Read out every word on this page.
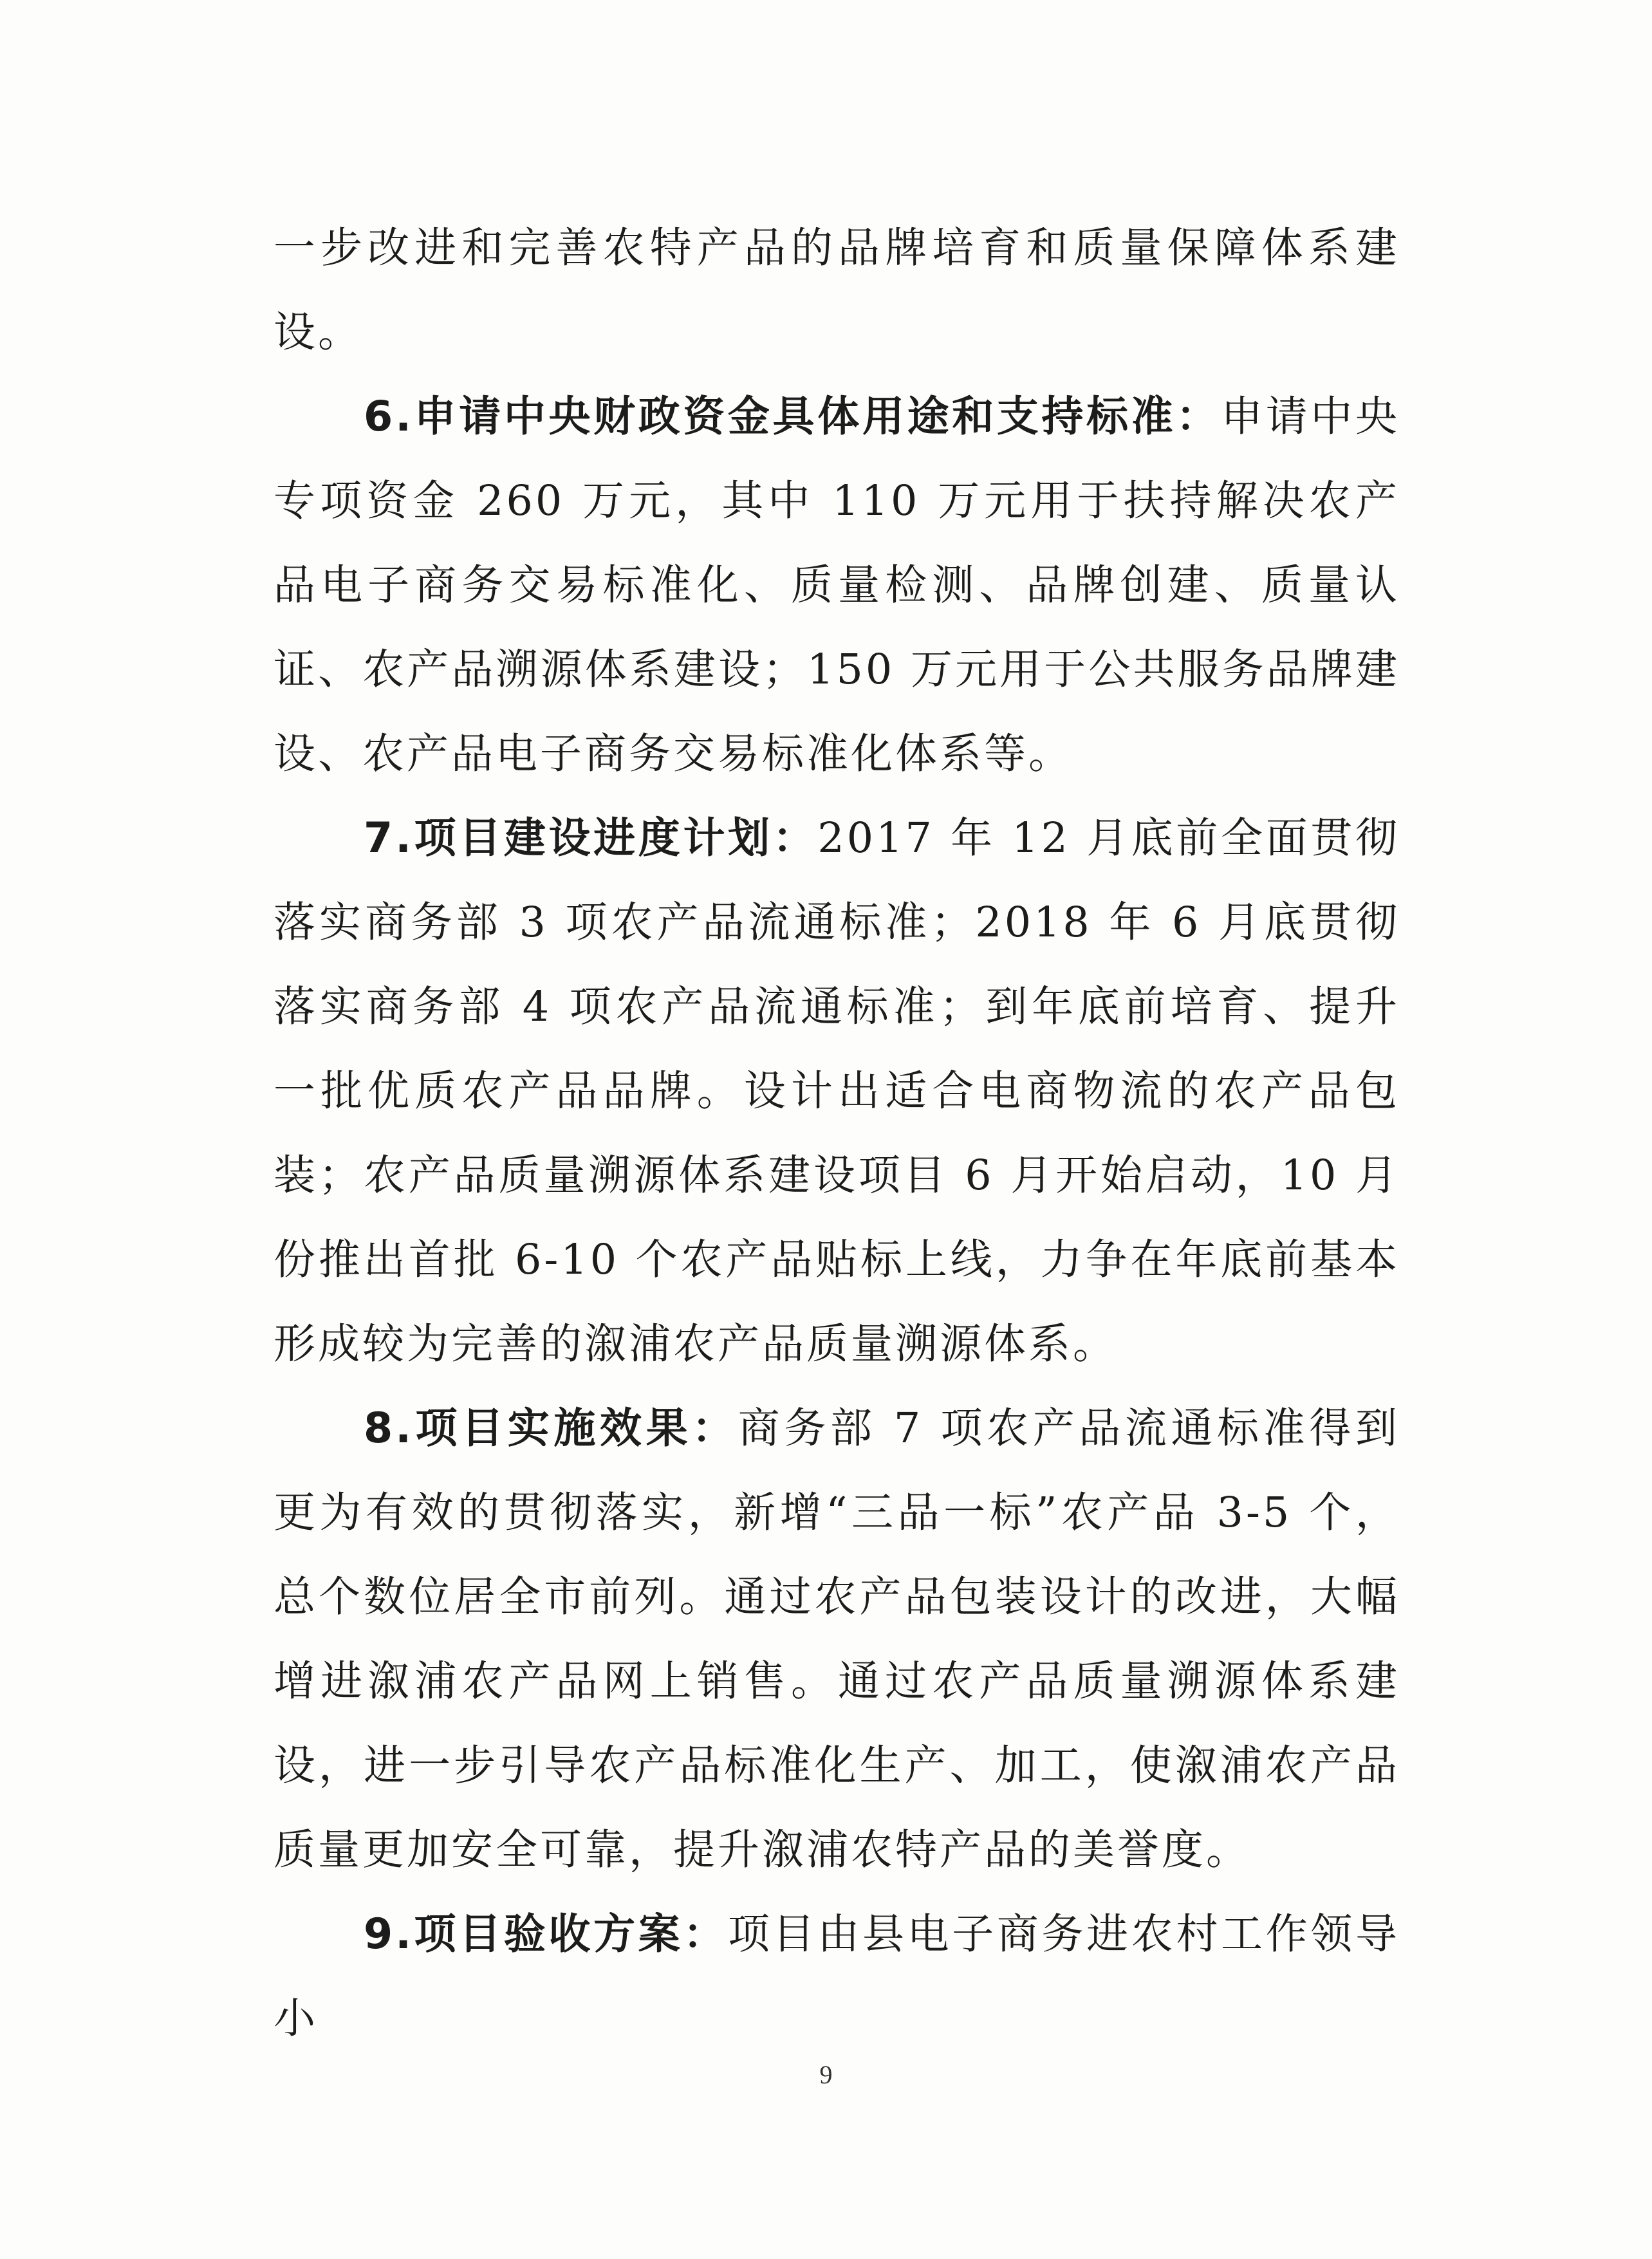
一步改进和完善农特产品的品牌培育和质量保障体系建设。

6.申请中央财政资金具体用途和支持标准：申请中央专项资金 260 万元，其中 110 万元用于扶持解决农产品电子商务交易标准化、质量检测、品牌创建、质量认证、农产品溯源体系建设；150 万元用于公共服务品牌建设、农产品电子商务交易标准化体系等。

7.项目建设进度计划：2017 年 12 月底前全面贯彻落实商务部 3 项农产品流通标准；2018 年 6 月底贯彻落实商务部 4 项农产品流通标准；到年底前培育、提升一批优质农产品品牌。设计出适合电商物流的农产品包装；农产品质量溯源体系建设项目 6 月开始启动，10 月份推出首批 6-10 个农产品贴标上线，力争在年底前基本形成较为完善的溆浦农产品质量溯源体系。

8.项目实施效果：商务部 7 项农产品流通标准得到更为有效的贯彻落实，新增“三品一标”农产品 3-5 个，总个数位居全市前列。通过农产品包装设计的改进，大幅增进溆浦农产品网上销售。通过农产品质量溯源体系建设，进一步引导农产品标准化生产、加工，使溆浦农产品质量更加安全可靠，提升溆浦农特产品的美誉度。

9.项目验收方案：项目由县电子商务进农村工作领导小

9
